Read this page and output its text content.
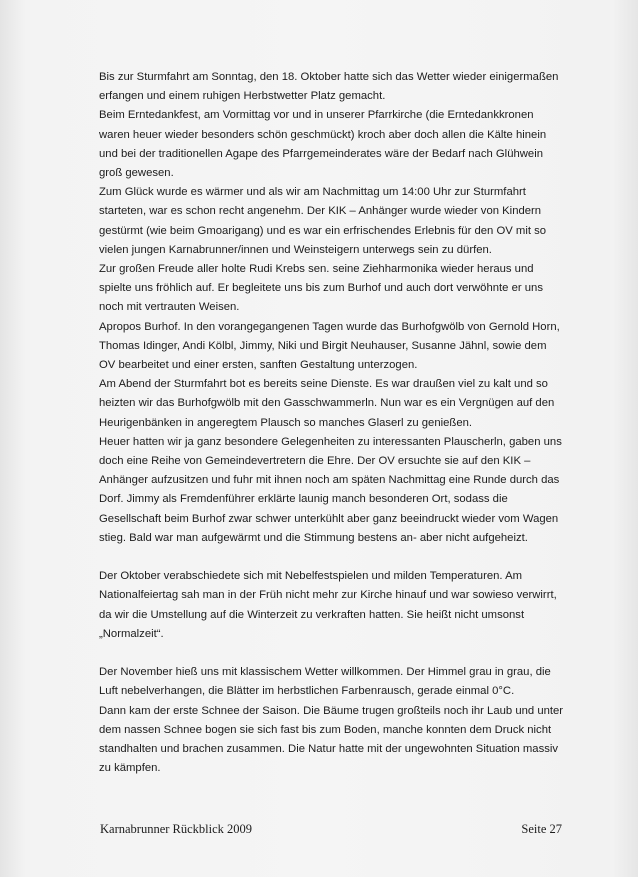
Bis zur Sturmfahrt am Sonntag, den 18. Oktober hatte sich das Wetter wieder einigermaßen
erfangen und einem ruhigen Herbstwetter Platz gemacht.

Beim Erntedankfest, am Vormittag vor und in unserer Pfarrkirche (die Erntedankkronen
waren heuer wieder besonders schön geschmückt) kroch aber doch allen die Kälte hinein
und bei der traditionellen Agape des Pfarrgemeinderates wäre der Bedarf nach Glühwein
groß gewesen.

Zum Glück wurde es wärmer und als wir am Nachmittag um 14:00 Uhr zur Sturmfahrt
starteten, war es schon recht angenehm. Der KIK – Anhänger wurde wieder von Kindern
gestürmt (wie beim Gmoarigang) und es war ein erfrischendes Erlebnis für den OV mit so
vielen jungen Karnabrunner/innen und Weinsteigern unterwegs sein zu dürfen.

Zur großen Freude aller holte Rudi Krebs sen. seine Ziehharmonika wieder heraus und
spielte uns fröhlich auf. Er begleitete uns bis zum Burhof und auch dort verwöhnte er uns
noch mit vertrauten Weisen.

Apropos Burhof. In den vorangegangenen Tagen wurde das Burhofgwölb von Gernold Horn,
Thomas Idinger, Andi Kölbl, Jimmy, Niki und Birgit Neuhauser, Susanne Jähnl, sowie dem
OV bearbeitet und einer ersten, sanften Gestaltung unterzogen.

Am Abend der Sturmfahrt bot es bereits seine Dienste. Es war draußen viel zu kalt und so
heizten wir das Burhofgwölb mit den Gasschwammerln. Nun war es ein Vergnügen auf den
Heurigenbänken in angeregtem Plausch so manches Glaserl zu genießen.

Heuer hatten wir ja ganz besondere Gelegenheiten zu interessanten Plauscherln, gaben uns
doch eine Reihe von Gemeindevertretern die Ehre. Der OV ersuchte sie auf den KIK –
Anhänger aufzusitzen und fuhr mit ihnen noch am späten Nachmittag eine Runde durch das
Dorf. Jimmy als Fremdenführer erklärte launig manch besonderen Ort, sodass die
Gesellschaft beim Burhof zwar schwer unterkühlt aber ganz beeindruckt wieder vom Wagen
stieg. Bald war man aufgewärmt und die Stimmung bestens an- aber nicht aufgeheizt.

Der Oktober verabschiedete sich mit Nebelfestspielen und milden Temperaturen. Am
Nationalfeiertag sah man in der Früh nicht mehr zur Kirche hinauf und war sowieso verwirrt,
da wir die Umstellung auf die Winterzeit zu verkraften hatten. Sie heißt nicht umsonst
„Normalzeit“.

Der November hieß uns mit klassischem Wetter willkommen. Der Himmel grau in grau, die
Luft nebelverhangen, die Blätter im herbstlichen Farbenrausch, gerade einmal 0°C.

Dann kam der erste Schnee der Saison. Die Bäume trugen großteils noch ihr Laub und unter
dem nassen Schnee bogen sie sich fast bis zum Boden, manche konnten dem Druck nicht
standhalten und brachen zusammen. Die Natur hatte mit der ungewohnten Situation massiv
zu kämpfen.

Karnabrunner Rückblick 2009	Seite 27
